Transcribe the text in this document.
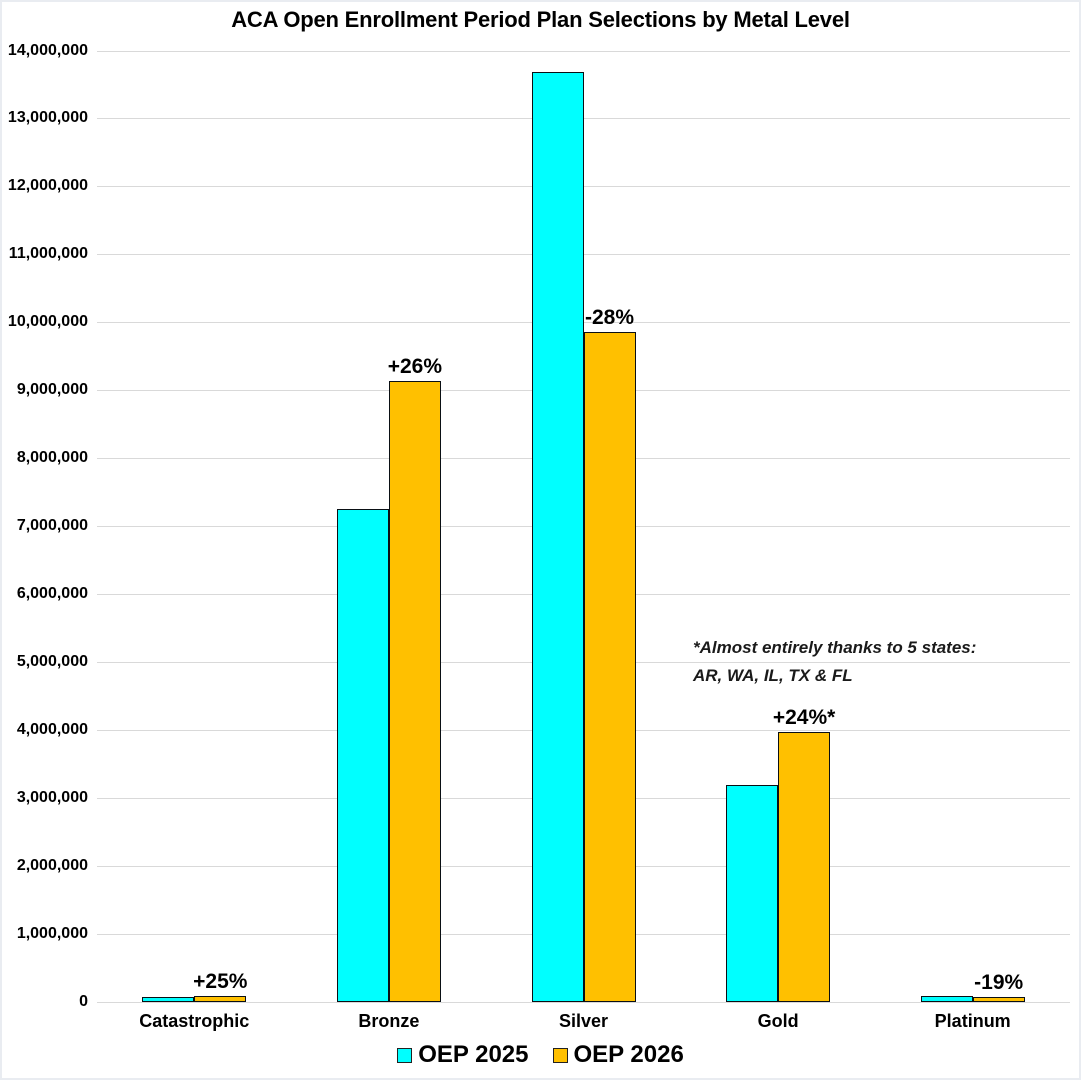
ACA Open Enrollment Period Plan Selections by Metal Level
0
1,000,000
2,000,000
3,000,000
4,000,000
5,000,000
6,000,000
7,000,000
8,000,000
9,000,000
10,000,000
11,000,000
12,000,000
13,000,000
14,000,000
+25%
Catastrophic
+26%
Bronze
-28%
Silver
+24%*
Gold
-19%
Platinum
*Almost entirely thanks to 5 states:
AR, WA, IL, TX & FL
OEP 2025 OEP 2026
